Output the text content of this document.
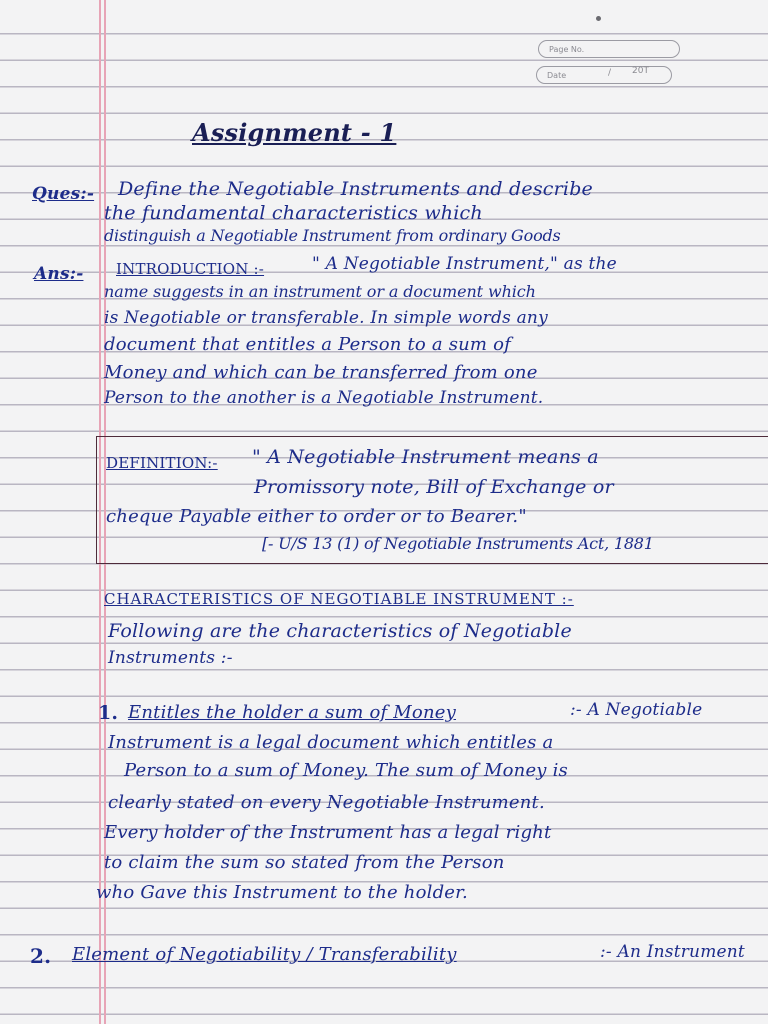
Page No.
Date	/ 20T
Assignment - 1
Ques:- Define the Negotiable Instruments and describe
the fundamental characteristics which
distinguish a Negotiable Instrument from ordinary Goods
Ans:- INTRODUCTION :-	" A Negotiable Instrument," as the
name suggests in an instrument or a document which
is Negotiable or transferable. In simple words any
document that entitles a Person to a sum of
Money and which can be transferred from one
Person to the another is a Negotiable Instrument.
DEFINITION:- " A Negotiable Instrument means a
Promissory note, Bill of Exchange or
cheque Payable either to order or to Bearer."
[- U/S 13 (1) of Negotiable Instruments Act, 1881
CHARACTERISTICS OF NEGOTIABLE INSTRUMENT :-
Following are the characteristics of Negotiable
Instruments :-
1. Entitles the holder a sum of Money	:- A Negotiable
Instrument is a legal document which entitles a
Person to a sum of Money. The sum of Money is
clearly stated on every Negotiable Instrument.
Every holder of the Instrument has a legal right
to claim the sum so stated from the Person
who Gave this Instrument to the holder.
2. Element of Negotiability / Transferability	:- An Instrument
